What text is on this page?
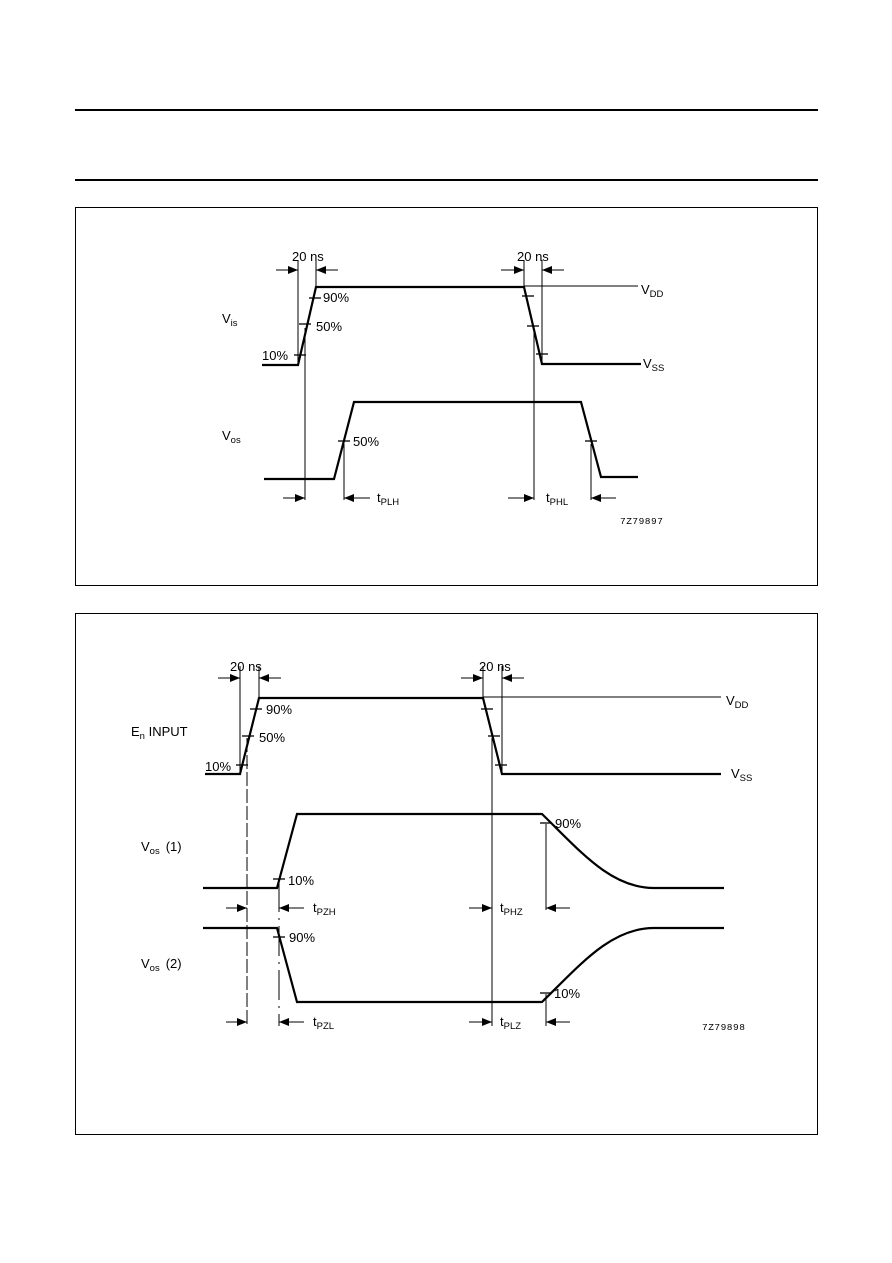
20 ns	20 ns
$V_{DD}$
$V_{SS}$
$V_{is}$
$V_{os}$
90%
50%
10%
50%
$t_{PLH}$	$t_{PHL}$
7Z79897
20 ns	20 ns
$V_{DD}$
$V_{SS}$
$E_n$ INPUT
90%
50%
10%
$V_{os}$ (1)
10%
90%
$V_{os}$ (2)
90%
10%
$t_{PZH}$	$t_{PHZ}$
$t_{PZL}$	$t_{PLZ}$	7Z79898
